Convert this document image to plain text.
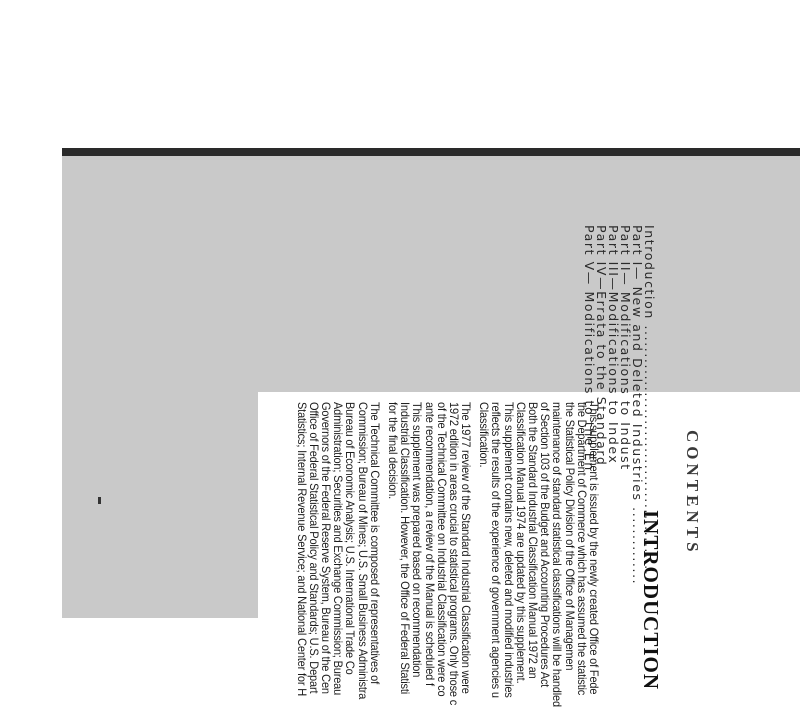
Introduction .............................................
Part I— New and Deleted Industries ..............
Part II— Modifications to Indust
Part III—Modifications to Index
Part IV—Errata to the Standard
Part V— Modifications to the En
CONTENTS
INTRODUCTION
This supplement is issued by the newly created Office of Fede
the Department of Commerce which has assumed the statistic
the Statistical Policy Division of the Office of Managemen
maintenance of standard statistical classifications will be handled
of Section 103 of the Budget and Accounting Procedures Act
Both the Standard Industrial Classification Manual 1972 an
Classification Manual 1974 are updated by this supplement.
This supplement contains new, deleted and modified industries
reflects the results of the experience of government agencies u
Classification.
The 1977 review of the Standard Industrial Classification were
1972 edition in areas crucial to statistical programs. Only those c
of the Technical Committee on Industrial Classification were co
ante recommendation, a review of the Manual is scheduled f
This supplement was prepared based on recommendation
Industrial Classification. However, the Office of Federal Statisti
for the final decision.
The Technical Committee is composed of representatives of
Commission; Bureau of Mines; U.S. Small Business Administra
Bureau of Economic Analysis; U.S. International Trade Co
Administration; Securities and Exchange Commission; Bureau
Governors of the Federal Reserve System, Bureau of the Cen
Office of Federal Statistical Policy and Standards; U.S. Depart
Statistics; Internal Revenue Service; and National Center for H
